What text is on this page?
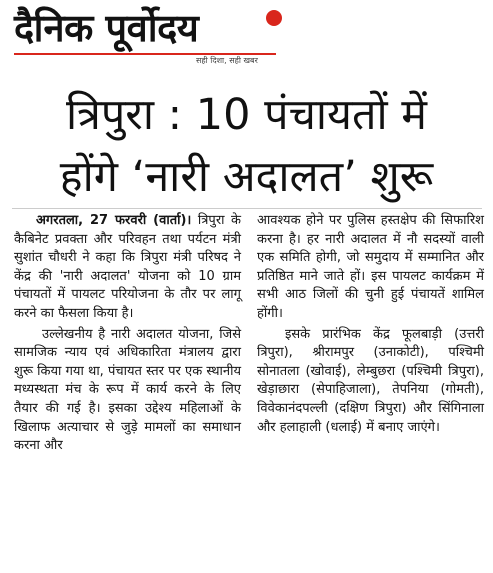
दैनिक पूर्वोदय
सही दिशा, सही खबर
त्रिपुरा : 10 पंचायतों में
होंगे ‘नारी अदालत’ शुरू

अगरतला, 27 फरवरी (वार्ता)। त्रिपुरा के कैबिनेट प्रवक्ता और परिवहन तथा पर्यटन मंत्री सुशांत चौधरी ने कहा कि त्रिपुरा मंत्री परिषद ने केंद्र की 'नारी अदालत' योजना को 10 ग्राम पंचायतों में पायलट परियोजना के तौर पर लागू करने का फैसला किया है।

उल्लेखनीय है नारी अदालत योजना, जिसे सामजिक न्याय एवं अधिकारिता मंत्रालय द्वारा शुरू किया गया था, पंचायत स्तर पर एक स्थानीय मध्यस्थता मंच के रूप में कार्य करने के लिए तैयार की गई है। इसका उद्देश्य महिलाओं के खिलाफ अत्याचार से जुड़े मामलों का समाधान करना और

आवश्यक होने पर पुलिस हस्तक्षेप की सिफारिश करना है। हर नारी अदालत में नौ सदस्यों वाली एक समिति होगी, जो समुदाय में सम्मानित और प्रतिष्ठित माने जाते हों। इस पायलट कार्यक्रम में सभी आठ जिलों की चुनी हुई पंचायतें शामिल होंगी।

इसके प्रारंभिक केंद्र फूलबाड़ी (उत्तरी त्रिपुरा), श्रीरामपुर (उनाकोटी), पश्चिमी सोनातला (खोवाई), लेम्बुछरा (पश्चिमी त्रिपुरा), खेड़ाछारा (सेपाहिजाला), तेपनिया (गोमती), विवेकानंदपल्ली (दक्षिण त्रिपुरा) और सिंगिनाला और हलाहाली (धलाई) में बनाए जाएंगे।
